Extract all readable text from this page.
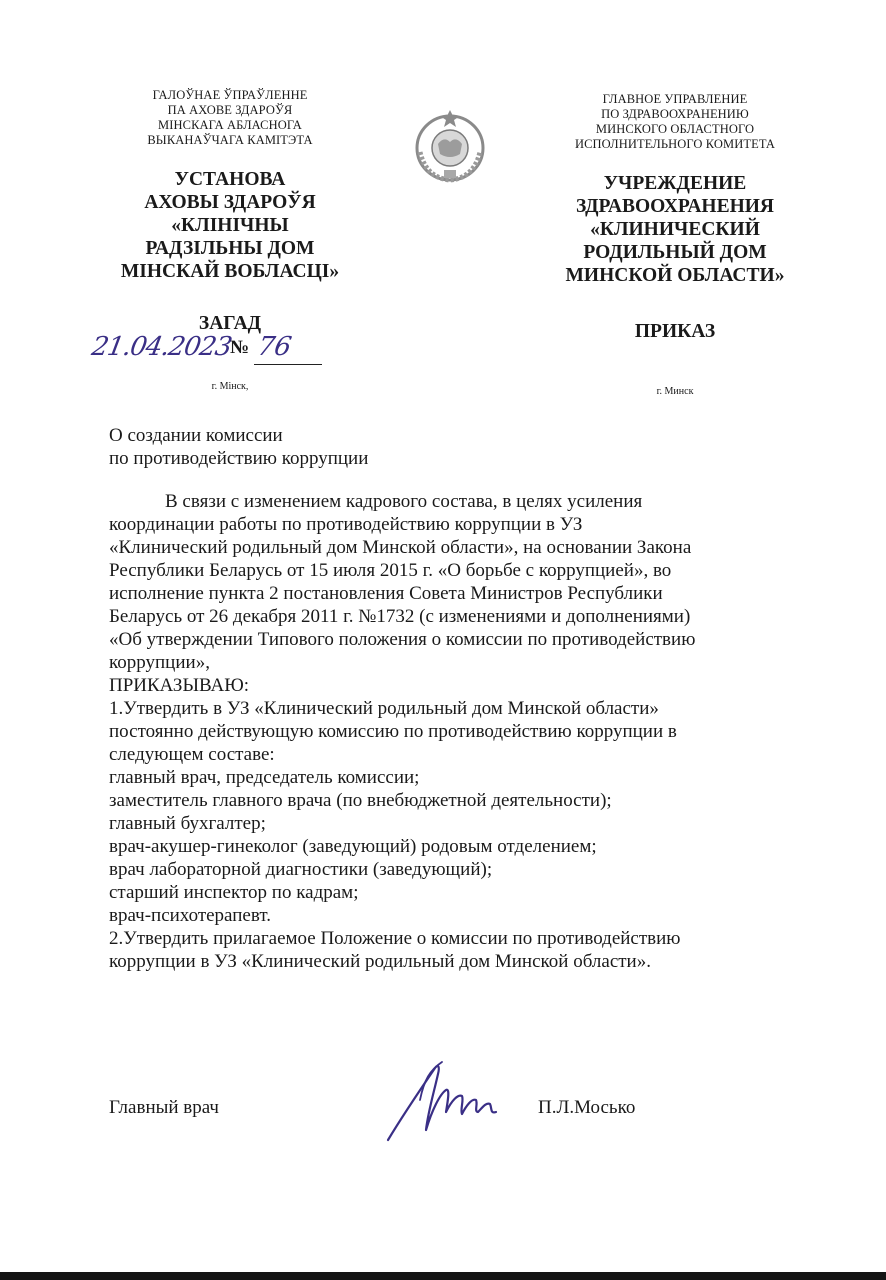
ГАЛОЎНАЕ ЎПРАЎЛЕННЕ
ПА АХОВЕ ЗДАРОЎЯ
МІНСКАГА АБЛАСНОГА
ВЫКАНАЎЧАГА КАМІТЭТА
УСТАНОВА
АХОВЫ ЗДАРОЎЯ
«КЛІНІЧНЫ
РАДЗІЛЬНЫ ДОМ
МІНСКАЙ ВОБЛАСЦІ»
ГЛАВНОЕ УПРАВЛЕНИЕ
ПО ЗДРАВООХРАНЕНИЮ
МИНСКОГО ОБЛАСТНОГО
ИСПОЛНИТЕЛЬНОГО КОМИТЕТА
УЧРЕЖДЕНИЕ
ЗДРАВООХРАНЕНИЯ
«КЛИНИЧЕСКИЙ
РОДИЛЬНЫЙ ДОМ
МИНСКОЙ ОБЛАСТИ»
ЗАГАД	ПРИКАЗ
21.04.2023
№ 76
г. Мінск,	г. Минск
О создании комиссии
по противодействию коррупции
В связи с изменением кадрового состава, в целях усиления
координации работы по противодействию коррупции в УЗ
«Клинический родильный дом Минской области», на основании Закона
Республики Беларусь от 15 июля 2015 г. «О борьбе с коррупцией», во
исполнение пункта 2 постановления Совета Министров Республики
Беларусь от 26 декабря 2011 г. №1732 (с изменениями и дополнениями)
«Об утверждении Типового положения о комиссии по противодействию
коррупции»,
ПРИКАЗЫВАЮ:
1.Утвердить в УЗ «Клинический родильный дом Минской области»
постоянно действующую комиссию по противодействию коррупции в
следующем составе:
главный врач, председатель комиссии;
заместитель главного врача (по внебюджетной деятельности);
главный бухгалтер;
врач-акушер-гинеколог (заведующий) родовым отделением;
врач лабораторной диагностики (заведующий);
старший инспектор по кадрам;
врач-психотерапевт.
2.Утвердить прилагаемое Положение о комиссии по противодействию
коррупции в УЗ «Клинический родильный дом Минской области».
Главный врач	П.Л.Мосько
